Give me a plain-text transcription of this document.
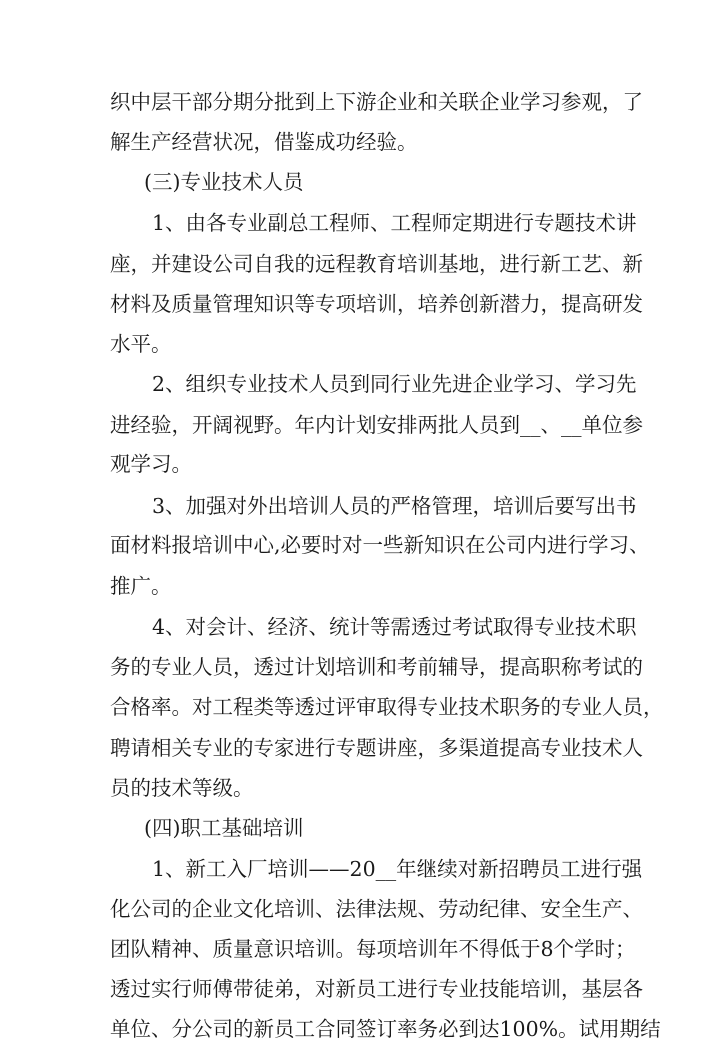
织中层干部分期分批到上下游企业和关联企业学习参观，了
解生产经营状况，借鉴成功经验。
(三)专业技术人员
1、由各专业副总工程师、工程师定期进行专题技术讲
座，并建设公司自我的远程教育培训基地，进行新工艺、新
材料及质量管理知识等专项培训，培养创新潜力，提高研发
水平。
2、组织专业技术人员到同行业先进企业学习、学习先
进经验，开阔视野。年内计划安排两批人员到__、__单位参
观学习。
3、加强对外出培训人员的严格管理，培训后要写出书
面材料报培训中心,必要时对一些新知识在公司内进行学习、
推广。
4、对会计、经济、统计等需透过考试取得专业技术职
务的专业人员，透过计划培训和考前辅导，提高职称考试的
合格率。对工程类等透过评审取得专业技术职务的专业人员，
聘请相关专业的专家进行专题讲座，多渠道提高专业技术人
员的技术等级。
(四)职工基础培训
1、新工入厂培训——20__年继续对新招聘员工进行强
化公司的企业文化培训、法律法规、劳动纪律、安全生产、
团队精神、质量意识培训。每项培训年不得低于8个学时；
透过实行师傅带徒弟，对新员工进行专业技能培训，基层各
单位、分公司的新员工合同签订率务必到达100%。试用期结
